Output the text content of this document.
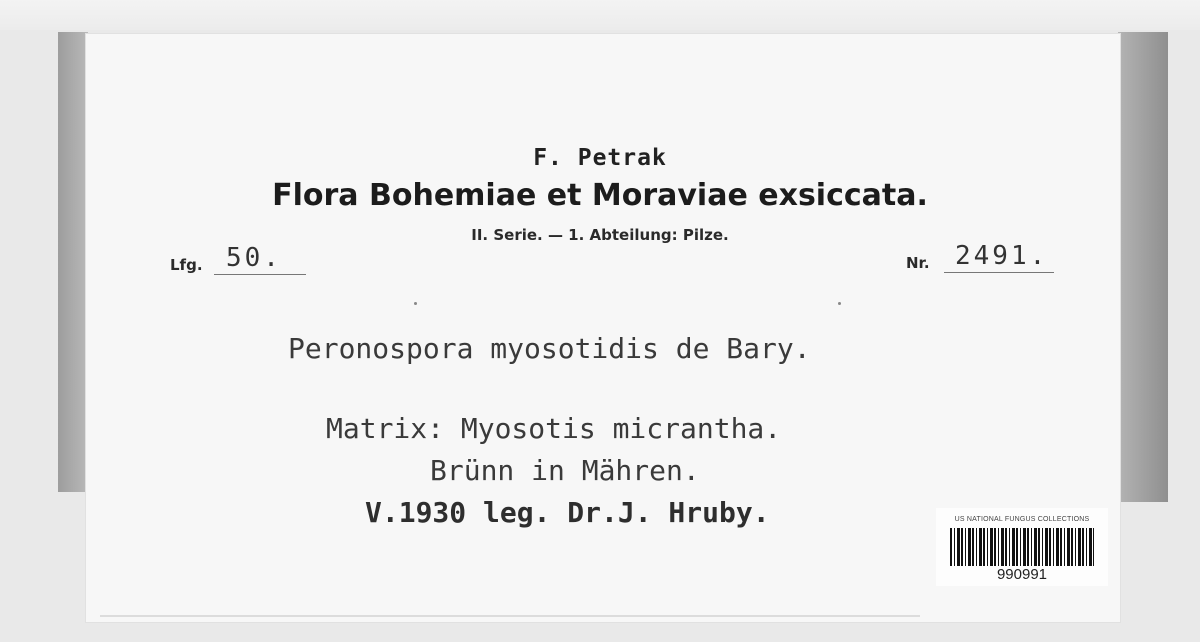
F. Petrak
Flora Bohemiae et Moraviae exsiccata.
II. Serie. — 1. Abteilung: Pilze.
Lfg. 50.	Nr. 2491.
Peronospora myosotidis de Bary.
Matrix: Myosotis micrantha.
Brünn in Mähren.
V.1930 leg. Dr.J. Hruby.	US NATIONAL FUNGUS COLLECTIONS
990991
